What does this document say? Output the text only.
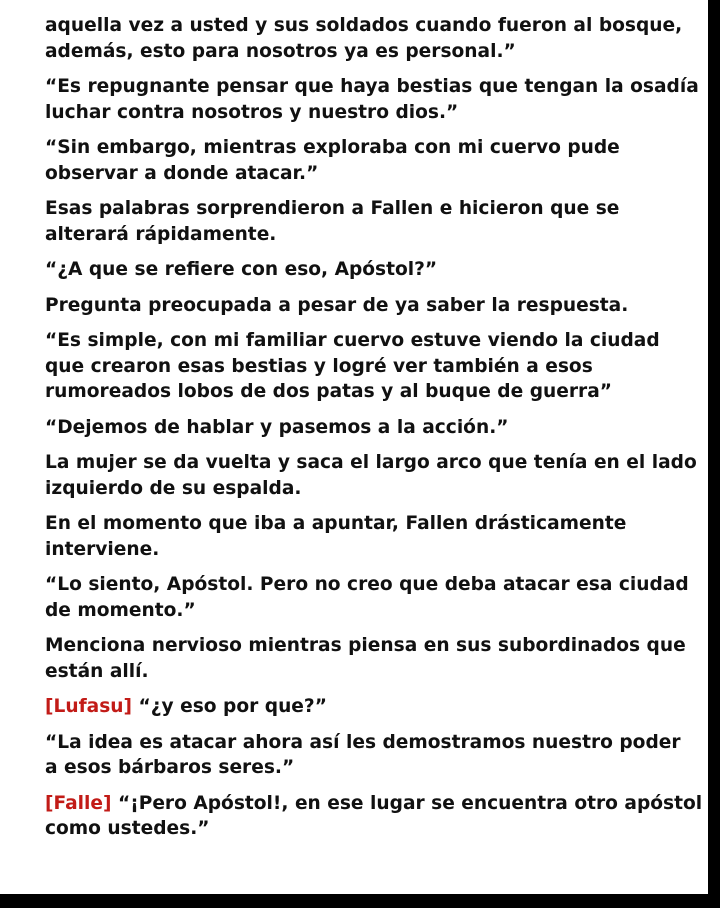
aquella vez a usted y sus soldados cuando fueron al bosque,
además, esto para nosotros ya es personal.”

“Es repugnante pensar que haya bestias que tengan la osadía
luchar contra nosotros y nuestro dios.”

“Sin embargo, mientras exploraba con mi cuervo pude
observar a donde atacar.”

Esas palabras sorprendieron a Fallen e hicieron que se
alterará rápidamente.

“¿A que se refiere con eso, Apóstol?”

Pregunta preocupada a pesar de ya saber la respuesta.

“Es simple, con mi familiar cuervo estuve viendo la ciudad
que crearon esas bestias y logré ver también a esos
rumoreados lobos de dos patas y al buque de guerra”

“Dejemos de hablar y pasemos a la acción.”

La mujer se da vuelta y saca el largo arco que tenía en el lado
izquierdo de su espalda.

En el momento que iba a apuntar, Fallen drásticamente
interviene.

“Lo siento, Apóstol. Pero no creo que deba atacar esa ciudad
de momento.”

Menciona nervioso mientras piensa en sus subordinados que
están allí.

[Lufasu] “¿y eso por que?”

“La idea es atacar ahora así les demostramos nuestro poder
a esos bárbaros seres.”

[Falle] “¡Pero Apóstol!, en ese lugar se encuentra otro apóstol
como ustedes.”
